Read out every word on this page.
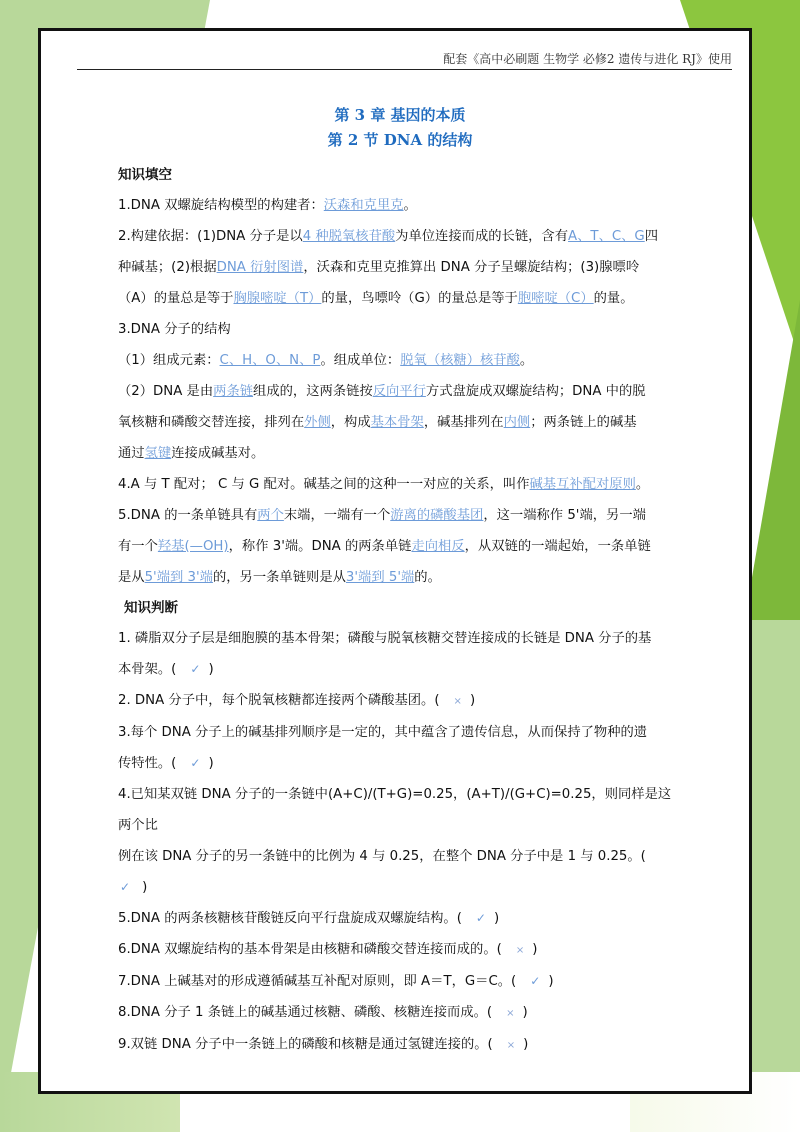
配套《高中必刷题 生物学 必修2 遗传与进化 RJ》使用
第 3 章 基因的本质
第 2 节 DNA 的结构
知识填空
1.DNA 双螺旋结构模型的构建者：沃森和克里克。
2.构建依据：(1)DNA 分子是以4 种脱氧核苷酸为单位连接而成的长链，含有A、T、C、G四
种碱基；(2)根据DNA 衍射图谱，沃森和克里克推算出 DNA 分子呈螺旋结构；(3)腺嘌呤
（A）的量总是等于胸腺嘧啶（T）的量，鸟嘌呤（G）的量总是等于胞嘧啶（C）的量。
3.DNA 分子的结构
（1）组成元素：C、H、O、N、P。组成单位：脱氧（核糖）核苷酸。
（2）DNA 是由两条链组成的，这两条链按反向平行方式盘旋成双螺旋结构；DNA 中的脱
氧核糖和磷酸交替连接，排列在外侧，构成基本骨架，碱基排列在内侧；两条链上的碱基
通过氢键连接成碱基对。
4.A 与 T 配对； C 与 G 配对。碱基之间的这种一一对应的关系，叫作碱基互补配对原则。
5.DNA 的一条单链具有两个末端，一端有一个游离的磷酸基团，这一端称作 5'端，另一端
有一个羟基(—OH)，称作 3'端。DNA 的两条单链走向相反，从双链的一端起始，一条单链
是从5'端到 3'端的，另一条单链则是从3'端到 5'端的。
知识判断
1. 磷脂双分子层是细胞膜的基本骨架；磷酸与脱氧核糖交替连接成的长链是 DNA 分子的基
本骨架。( ✓ )
2. DNA 分子中，每个脱氧核糖都连接两个磷酸基团。( × )
3.每个 DNA 分子上的碱基排列顺序是一定的，其中蕴含了遗传信息，从而保持了物种的遗
传特性。( ✓ )
4.已知某双链 DNA 分子的一条链中(A+C)/(T+G)=0.25，(A+T)/(G+C)=0.25，则同样是这两个比
例在该 DNA 分子的另一条链中的比例为 4 与 0.25，在整个 DNA 分子中是 1 与 0.25。(
✓ )
5.DNA 的两条核糖核苷酸链反向平行盘旋成双螺旋结构。( ✓ )
6.DNA 双螺旋结构的基本骨架是由核糖和磷酸交替连接而成的。( × )
7.DNA 上碱基对的形成遵循碱基互补配对原则，即 A＝T，G＝C。( ✓ )
8.DNA 分子 1 条链上的碱基通过核糖、磷酸、核糖连接而成。( × )
9.双链 DNA 分子中一条链上的磷酸和核糖是通过氢键连接的。( × )
